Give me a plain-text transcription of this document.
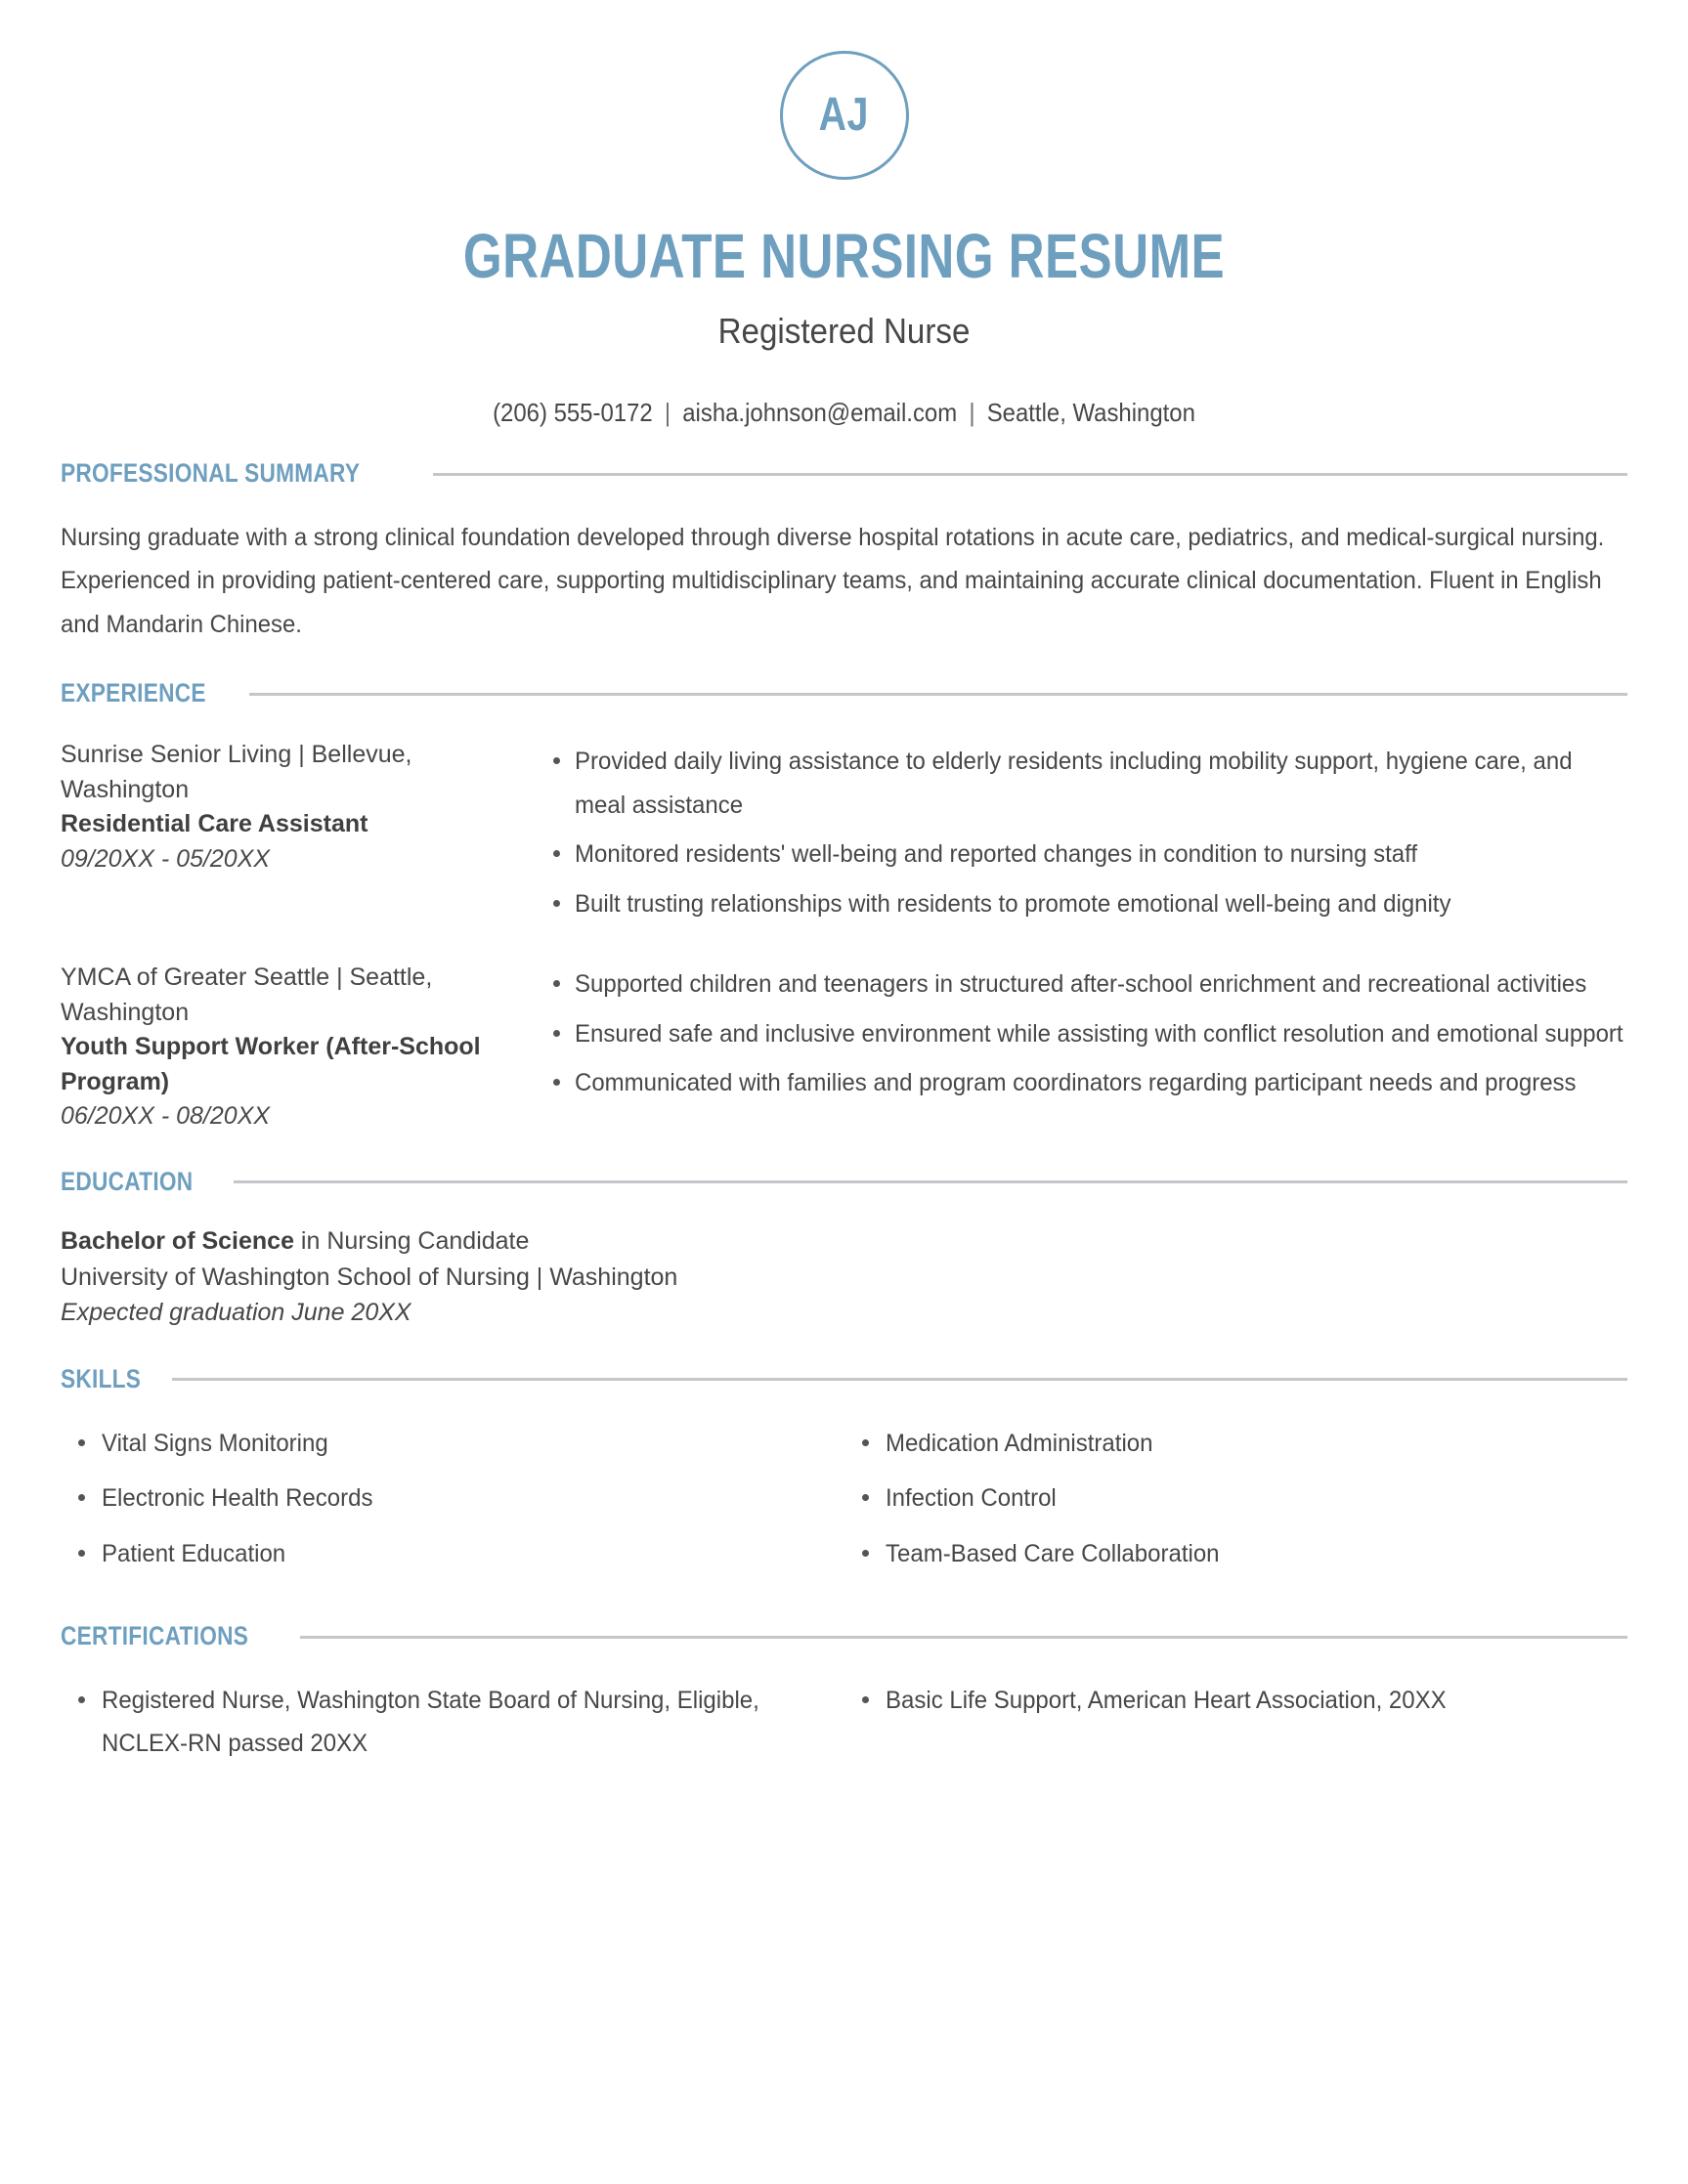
AJ
GRADUATE NURSING RESUME
Registered Nurse
(206) 555-0172 | aisha.johnson@email.com | Seattle, Washington
PROFESSIONAL SUMMARY
Nursing graduate with a strong clinical foundation developed through diverse hospital rotations in acute care, pediatrics, and medical-surgical nursing. Experienced in providing patient-centered care, supporting multidisciplinary teams, and maintaining accurate clinical documentation. Fluent in English and Mandarin Chinese.
EXPERIENCE
Sunrise Senior Living | Bellevue, Washington
Residential Care Assistant
09/20XX - 05/20XX
Provided daily living assistance to elderly residents including mobility support, hygiene care, and meal assistance
Monitored residents' well-being and reported changes in condition to nursing staff
Built trusting relationships with residents to promote emotional well-being and dignity
YMCA of Greater Seattle | Seattle, Washington
Youth Support Worker (After-School Program)
06/20XX - 08/20XX
Supported children and teenagers in structured after-school enrichment and recreational activities
Ensured safe and inclusive environment while assisting with conflict resolution and emotional support
Communicated with families and program coordinators regarding participant needs and progress
EDUCATION
Bachelor of Science in Nursing Candidate
University of Washington School of Nursing | Washington
Expected graduation June 20XX
SKILLS
Vital Signs Monitoring
Electronic Health Records
Patient Education
Medication Administration
Infection Control
Team-Based Care Collaboration
CERTIFICATIONS
Registered Nurse, Washington State Board of Nursing, Eligible, NCLEX-RN passed 20XX
Basic Life Support, American Heart Association, 20XX
